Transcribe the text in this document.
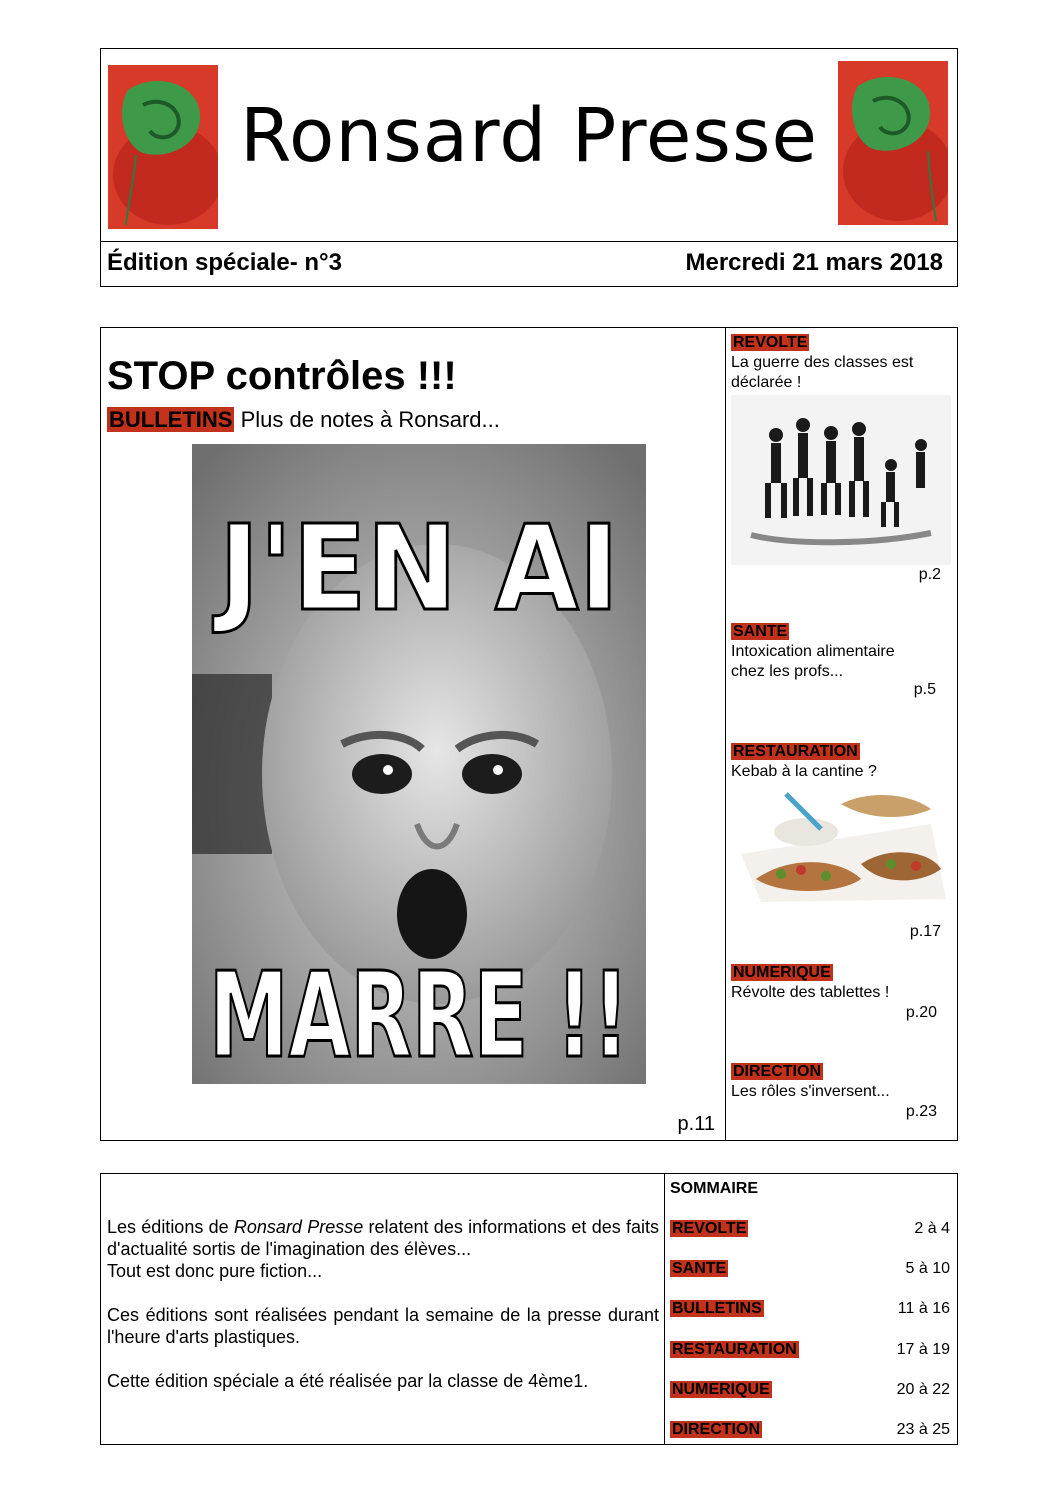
Ronsard Presse
Édition spéciale- n°3	Mercredi 21 mars 2018
STOP contrôles !!!
BULLETINS Plus de notes à Ronsard...
J'EN AI
MARRE !!
p.11
REVOLTE
La guerre des classes est
déclarée !
p.2
SANTE
Intoxication alimentaire
chez les profs...
p.5
RESTAURATION
Kebab à la cantine ?
p.17
NUMERIQUE
Révolte des tablettes !
p.20
DIRECTION
Les rôles s'inversent...
p.23

Les éditions de Ronsard Presse relatent des informations et des faits d'actualité sortis de l'imagination des élèves...

Tout est donc pure fiction...

Ces éditions sont réalisées pendant la semaine de la presse durant l'heure d'arts plastiques.
Cette édition spéciale a été réalisée par la classe de 4ème1.
SOMMAIRE
REVOLTE	2 à 4
SANTE	5 à 10
BULLETINS	11 à 16
RESTAURATION	17 à 19
NUMERIQUE	20 à 22
DIRECTION	23 à 25
